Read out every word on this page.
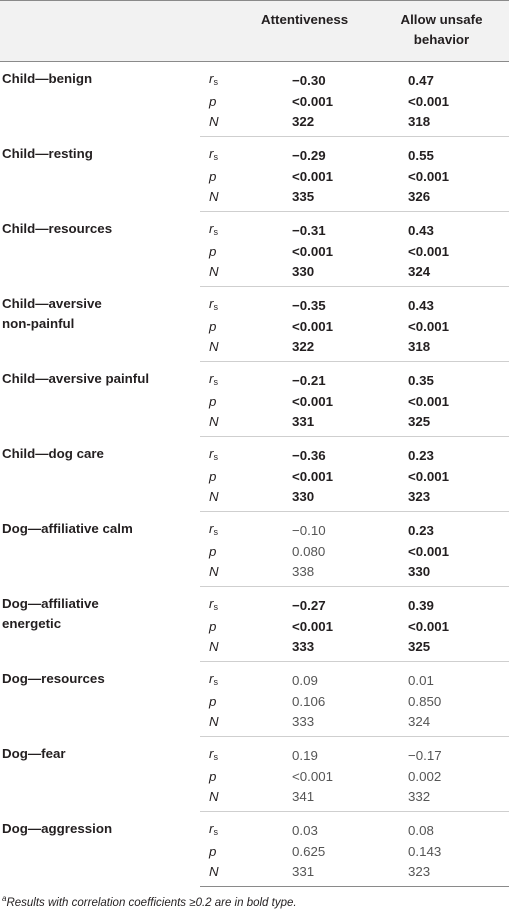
		Attentiveness	Allow unsafe
behavior
Child—benign	$r_s$	−0.30	0.47
	p	<0.001	<0.001
	N	322	318
Child—resting	$r_s$	−0.29	0.55
	p	<0.001	<0.001
	N	335	326
Child—resources	$r_s$	−0.31	0.43
	p	<0.001	<0.001
	N	330	324
Child—aversive
non-painful	$r_s$	−0.35	0.43
	p	<0.001	<0.001
	N	322	318
Child—aversive painful	$r_s$	−0.21	0.35
	p	<0.001	<0.001
	N	331	325
Child—dog care	$r_s$	−0.36	0.23
	p	<0.001	<0.001
	N	330	323
Dog—affiliative calm	$r_s$	−0.10	0.23
	p	0.080	<0.001
	N	338	330
Dog—affiliative
energetic	$r_s$	−0.27	0.39
	p	<0.001	<0.001
	N	333	325
Dog—resources	$r_s$	0.09	0.01
	p	0.106	0.850
	N	333	324
Dog—fear	$r_s$	0.19	−0.17
	p	<0.001	0.002
	N	341	332
Dog—aggression	$r_s$	0.03	0.08
	p	0.625	0.143
	N	331	323
$^a$Results with correlation coefficients ≥0.2 are in bold type.
